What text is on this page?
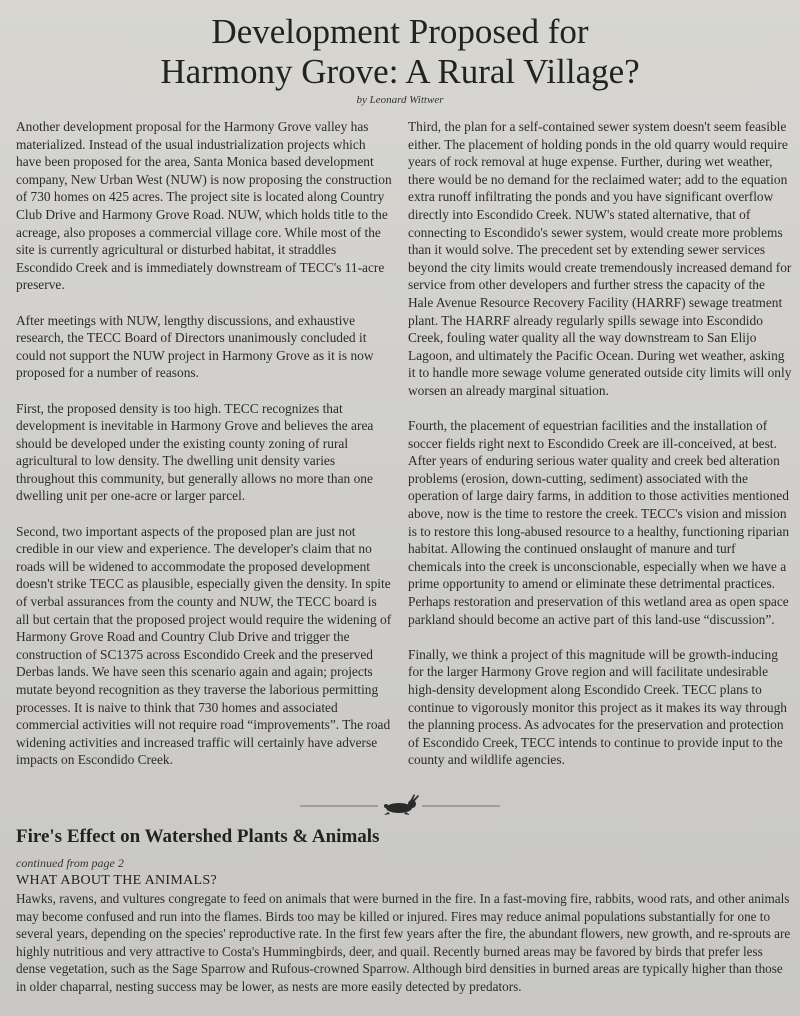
Development Proposed for
Harmony Grove: A Rural Village?
by Leonard Wittwer

Another development proposal for the Harmony Grove valley has materialized. Instead of the usual industrialization projects which have been proposed for the area, Santa Monica based development company, New Urban West (NUW) is now proposing the construction of 730 homes on 425 acres. The project site is located along Country Club Drive and Harmony Grove Road. NUW, which holds title to the acreage, also proposes a commercial village core. While most of the site is currently agricultural or disturbed habitat, it straddles Escondido Creek and is immediately downstream of TECC's 11-acre preserve.

After meetings with NUW, lengthy discussions, and exhaustive research, the TECC Board of Directors unanimously concluded it could not support the NUW project in Harmony Grove as it is now proposed for a number of reasons.

First, the proposed density is too high. TECC recognizes that development is inevitable in Harmony Grove and believes the area should be developed under the existing county zoning of rural agricultural to low density. The dwelling unit density varies throughout this community, but generally allows no more than one dwelling unit per one-acre or larger parcel.

Second, two important aspects of the proposed plan are just not credible in our view and experience. The developer's claim that no roads will be widened to accommodate the proposed development doesn't strike TECC as plausible, especially given the density. In spite of verbal assurances from the county and NUW, the TECC board is all but certain that the proposed project would require the widening of Harmony Grove Road and Country Club Drive and trigger the construction of SC1375 across Escondido Creek and the preserved Derbas lands. We have seen this scenario again and again; projects mutate beyond recognition as they traverse the laborious permitting processes. It is naive to think that 730 homes and associated commercial activities will not require road “improvements”. The road widening activities and increased traffic will certainly have adverse impacts on Escondido Creek.

Third, the plan for a self-contained sewer system doesn't seem feasible either. The placement of holding ponds in the old quarry would require years of rock removal at huge expense. Further, during wet weather, there would be no demand for the reclaimed water; add to the equation extra runoff infiltrating the ponds and you have significant overflow directly into Escondido Creek. NUW's stated alternative, that of connecting to Escondido's sewer system, would create more problems than it would solve. The precedent set by extending sewer services beyond the city limits would create tremendously increased demand for service from other developers and further stress the capacity of the Hale Avenue Resource Recovery Facility (HARRF) sewage treatment plant. The HARRF already regularly spills sewage into Escondido Creek, fouling water quality all the way downstream to San Elijo Lagoon, and ultimately the Pacific Ocean. During wet weather, asking it to handle more sewage volume generated outside city limits will only worsen an already marginal situation.

Fourth, the placement of equestrian facilities and the installation of soccer fields right next to Escondido Creek are ill-conceived, at best. After years of enduring serious water quality and creek bed alteration problems (erosion, down-cutting, sediment) associated with the operation of large dairy farms, in addition to those activities mentioned above, now is the time to restore the creek. TECC's vision and mission is to restore this long-abused resource to a healthy, functioning riparian habitat. Allowing the continued onslaught of manure and turf chemicals into the creek is unconscionable, especially when we have a prime opportunity to amend or eliminate these detrimental practices. Perhaps restoration and preservation of this wetland area as open space parkland should become an active part of this land-use “discussion”.

Finally, we think a project of this magnitude will be growth-inducing for the larger Harmony Grove region and will facilitate undesirable high-density development along Escondido Creek. TECC plans to continue to vigorously monitor this project as it makes its way through the planning process. As advocates for the preservation and protection of Escondido Creek, TECC intends to continue to provide input to the county and wildlife agencies.

Fire's Effect on Watershed Plants & Animals
continued from page 2
WHAT ABOUT THE ANIMALS?

Hawks, ravens, and vultures congregate to feed on animals that were burned in the fire. In a fast-moving fire, rabbits, wood rats, and other animals may become confused and run into the flames. Birds too may be killed or injured. Fires may reduce animal populations substantially for one to several years, depending on the species' reproductive rate. In the first few years after the fire, the abundant flowers, new growth, and re-sprouts are highly nutritious and very attractive to Costa's Hummingbirds, deer, and quail. Recently burned areas may be favored by birds that prefer less dense vegetation, such as the Sage Sparrow and Rufous-crowned Sparrow. Although bird densities in burned areas are typically higher than those in older chaparral, nesting success may be lower, as nests are more easily detected by predators.
